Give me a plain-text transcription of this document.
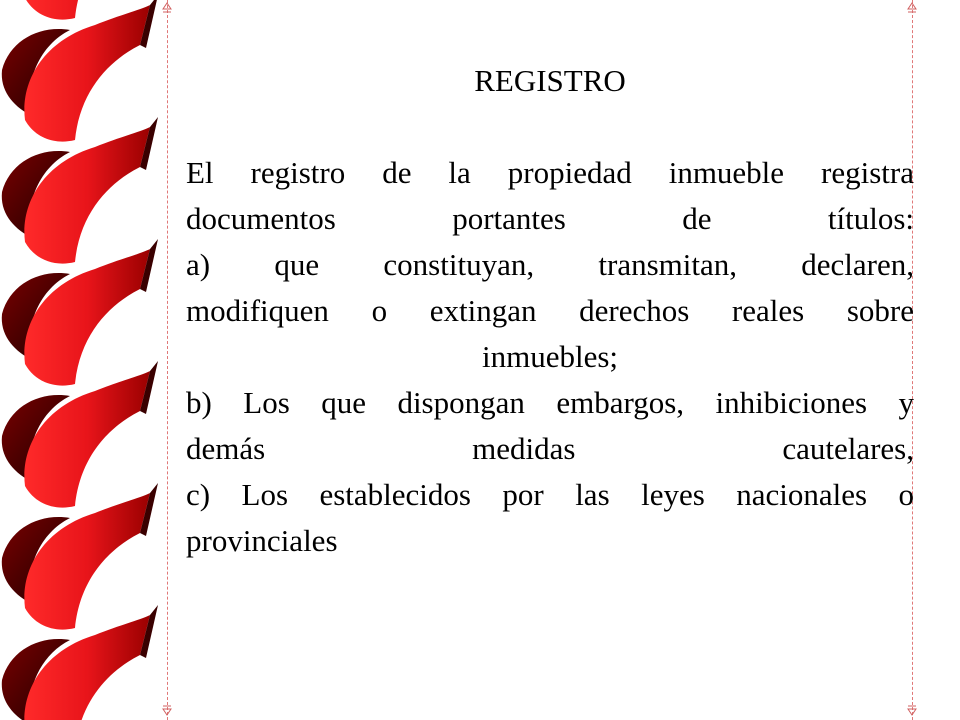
REGISTRO

El registro de la propiedad inmueble registra

documentos portantes de títulos:

a) que constituyan, transmitan, declaren,

modifiquen o extingan derechos reales sobre

inmuebles;

b) Los que dispongan embargos, inhibiciones y

demás medidas cautelares,

c) Los establecidos por las leyes nacionales o

provinciales
